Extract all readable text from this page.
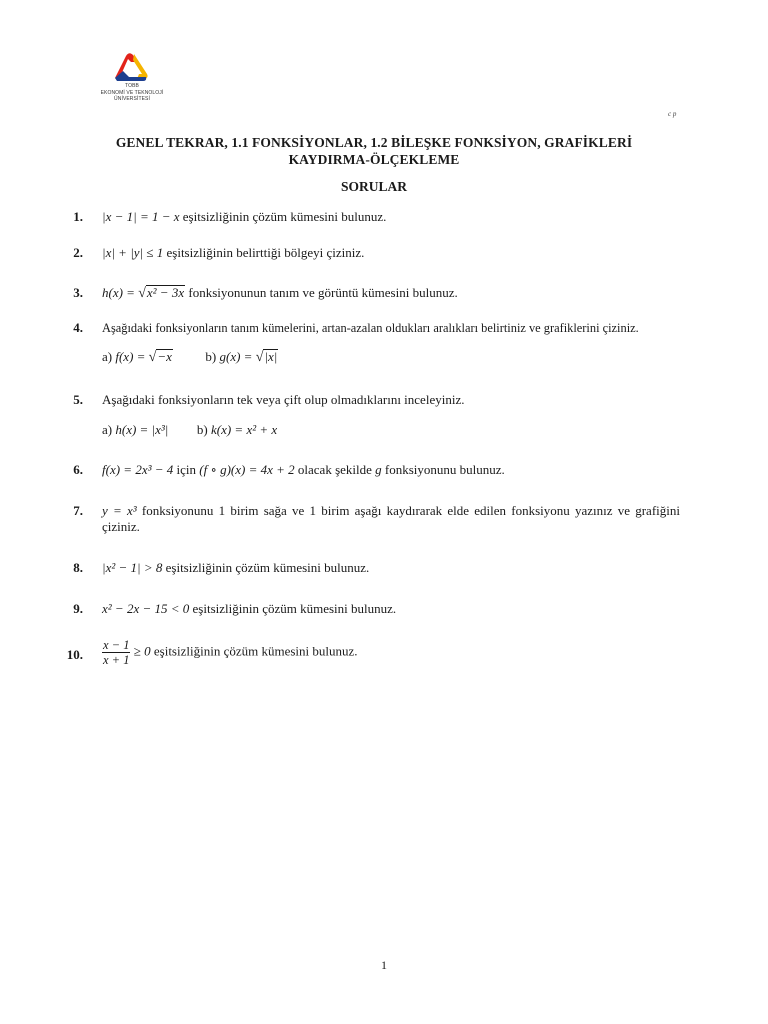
TOBB
EKONOMİ VE TEKNOLOJİ
ÜNİVERSİTESİ
c p
GENEL TEKRAR, 1.1 FONKSİYONLAR, 1.2 BİLEŞKE FONKSİYON, GRAFİKLERİ
KAYDIRMA-ÖLÇEKLEME
SORULAR
1. |x − 1| = 1 − x eşitsizliğinin çözüm kümesini bulunuz.
2. |x| + |y| ≤ 1 eşitsizliğinin belirttiği bölgeyi çiziniz.
3. h(x) = √x² − 3x fonksiyonunun tanım ve görüntü kümesini bulunuz.
4. Aşağıdaki fonksiyonların tanım kümelerini, artan-azalan oldukları aralıkları belirtiniz ve grafiklerini çiziniz.
a) f(x) = √−x	b) g(x) = √|x|
5. Aşağıdaki fonksiyonların tek veya çift olup olmadıklarını inceleyiniz.
a) h(x) = |x³| b) k(x) = x² + x
6. f(x) = 2x³ − 4 için (f ∘ g)(x) = 4x + 2 olacak şekilde g fonksiyonunu bulunuz.
7. y = x³ fonksiyonunu 1 birim sağa ve 1 birim aşağı kaydırarak elde edilen fonksiyonu yazınız ve grafiğini çiziniz.
8. |x² − 1| > 8 eşitsizliğinin çözüm kümesini bulunuz.
9. x² − 2x − 15 < 0 eşitsizliğinin çözüm kümesini bulunuz.
10. $\frac{x - 1}{x + 1} \ge 0$ eşitsizliğinin çözüm kümesini bulunuz.
1
